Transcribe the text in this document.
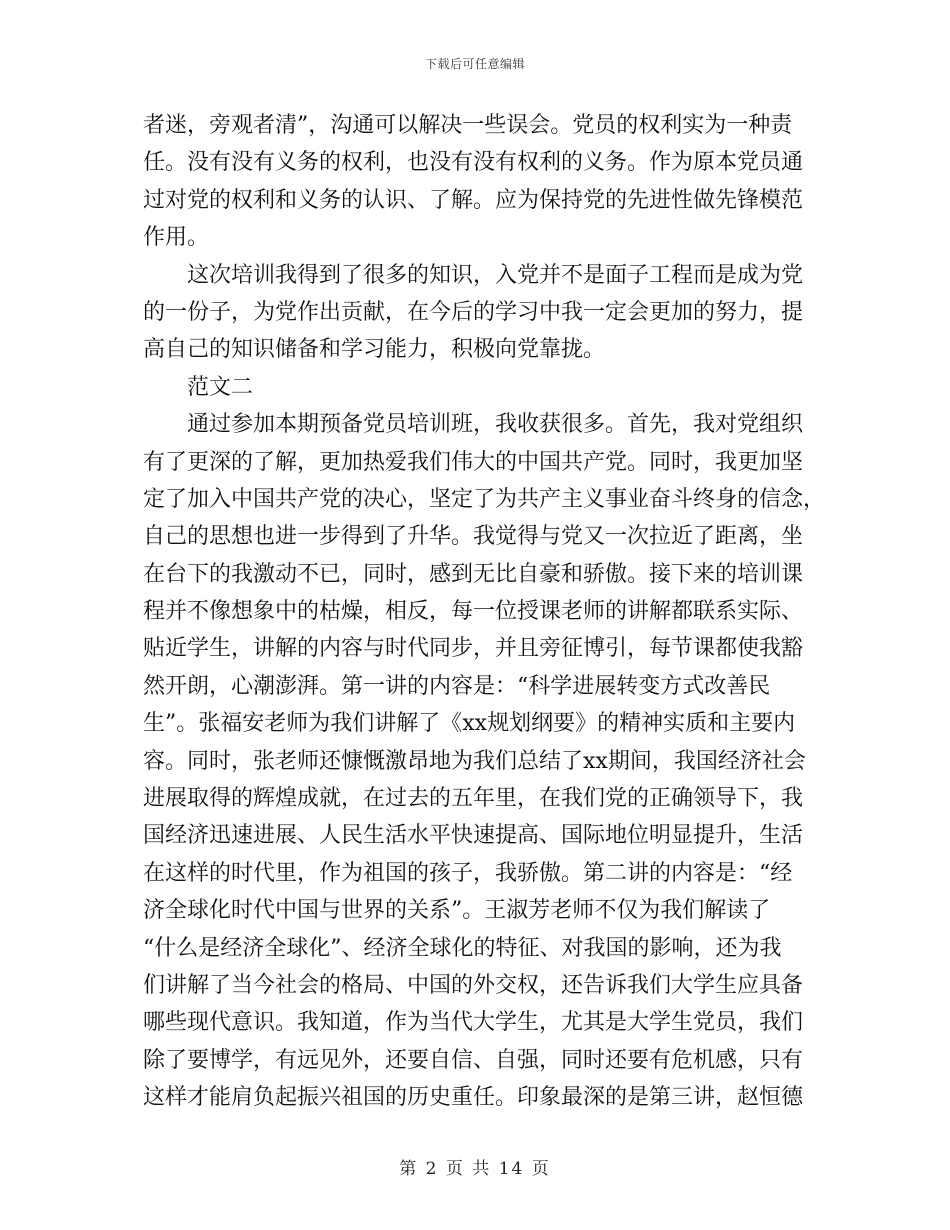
下载后可任意编辑
者迷，旁观者清”，沟通可以解决一些误会。党员的权利实为一种责
任。没有没有义务的权利，也没有没有权利的义务。作为原本党员通
过对党的权利和义务的认识、了解。应为保持党的先进性做先锋模范
作用。
　　这次培训我得到了很多的知识，入党并不是面子工程而是成为党
的一份子，为党作出贡献，在今后的学习中我一定会更加的努力，提
高自己的知识储备和学习能力，积极向党靠拢。
　　范文二
　　通过参加本期预备党员培训班，我收获很多。首先，我对党组织
有了更深的了解，更加热爱我们伟大的中国共产党。同时，我更加坚
定了加入中国共产党的决心，坚定了为共产主义事业奋斗终身的信念，
自己的思想也进一步得到了升华。我觉得与党又一次拉近了距离，坐
在台下的我激动不已，同时，感到无比自豪和骄傲。接下来的培训课
程并不像想象中的枯燥，相反，每一位授课老师的讲解都联系实际、
贴近学生，讲解的内容与时代同步，并且旁征博引，每节课都使我豁
然开朗，心潮澎湃。第一讲的内容是：“科学进展转变方式改善民
生”。张福安老师为我们讲解了《xx规划纲要》的精神实质和主要内
容。同时，张老师还慷慨激昂地为我们总结了xx期间，我国经济社会
进展取得的辉煌成就，在过去的五年里，在我们党的正确领导下，我
国经济迅速进展、人民生活水平快速提高、国际地位明显提升，生活
在这样的时代里，作为祖国的孩子，我骄傲。第二讲的内容是：“经
济全球化时代中国与世界的关系”。王淑芳老师不仅为我们解读了
“什么是经济全球化”、经济全球化的特征、对我国的影响，还为我
们讲解了当今社会的格局、中国的外交权，还告诉我们大学生应具备
哪些现代意识。我知道，作为当代大学生，尤其是大学生党员，我们
除了要博学，有远见外，还要自信、自强，同时还要有危机感，只有
这样才能肩负起振兴祖国的历史重任。印象最深的是第三讲，赵恒德
第 2 页 共 14 页
